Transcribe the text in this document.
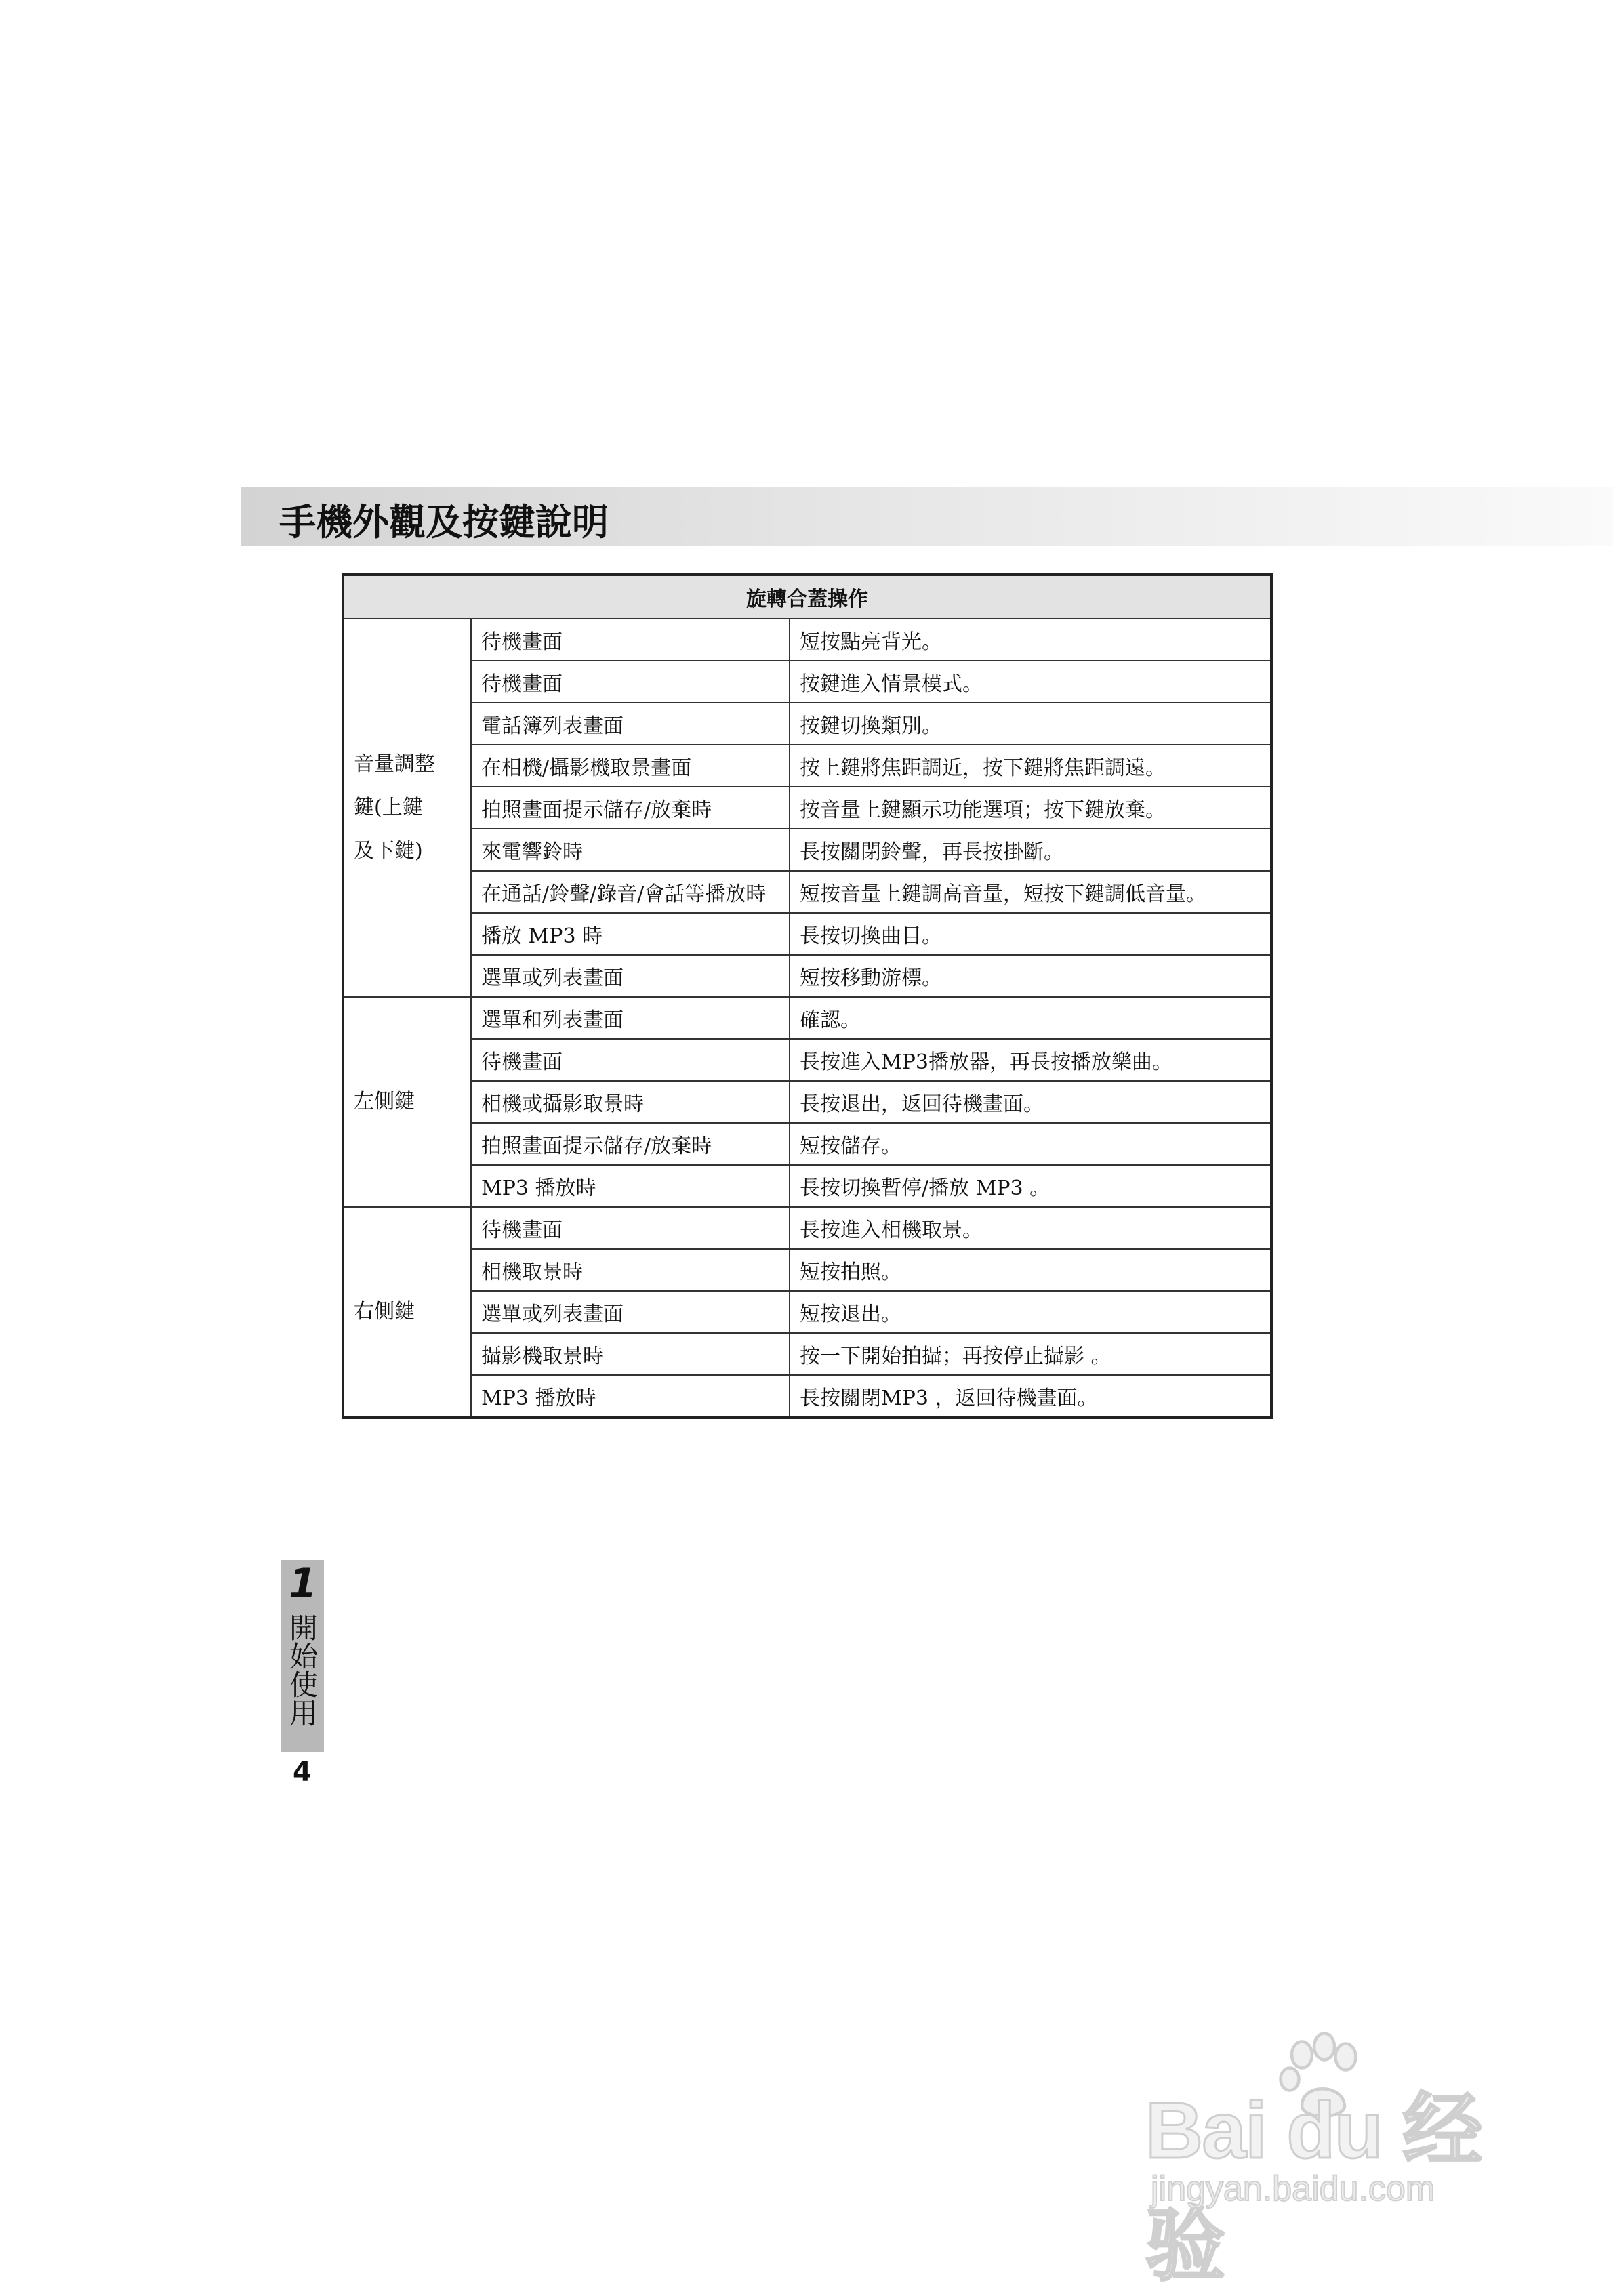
手機外觀及按鍵說明
旋轉合蓋操作		

音量調整
鍵(上鍵
及下鍵)	待機畫面	短按點亮背光。
	待機畫面	按鍵進入情景模式。
	電話簿列表畫面	按鍵切換類別。
	在相機/攝影機取景畫面	按上鍵將焦距調近，按下鍵將焦距調遠。
	拍照畫面提示儲存/放棄時	按音量上鍵顯示功能選項；按下鍵放棄。
	來電響鈴時	長按關閉鈴聲，再長按掛斷。
	在通話/鈴聲/錄音/會話等播放時	短按音量上鍵調高音量，短按下鍵調低音量。
	播放 MP3 時	長按切換曲目。
	選單或列表畫面	短按移動游標。

左側鍵	選單和列表畫面	確認。
	待機畫面	長按進入MP3播放器，再長按播放樂曲。
	相機或攝影取景時	長按退出，返回待機畫面。
	拍照畫面提示儲存/放棄時	短按儲存。
	MP3 播放時	長按切換暫停/播放 MP3 。

右側鍵	待機畫面	長按進入相機取景。
	相機取景時	短按拍照。
	選單或列表畫面	短按退出。
	攝影機取景時	按一下開始拍攝；再按停止攝影 。
	MP3 播放時	長按關閉MP3 ，返回待機畫面。
1
開始使用
4
Bai du 经验
jingyan.baidu.com
